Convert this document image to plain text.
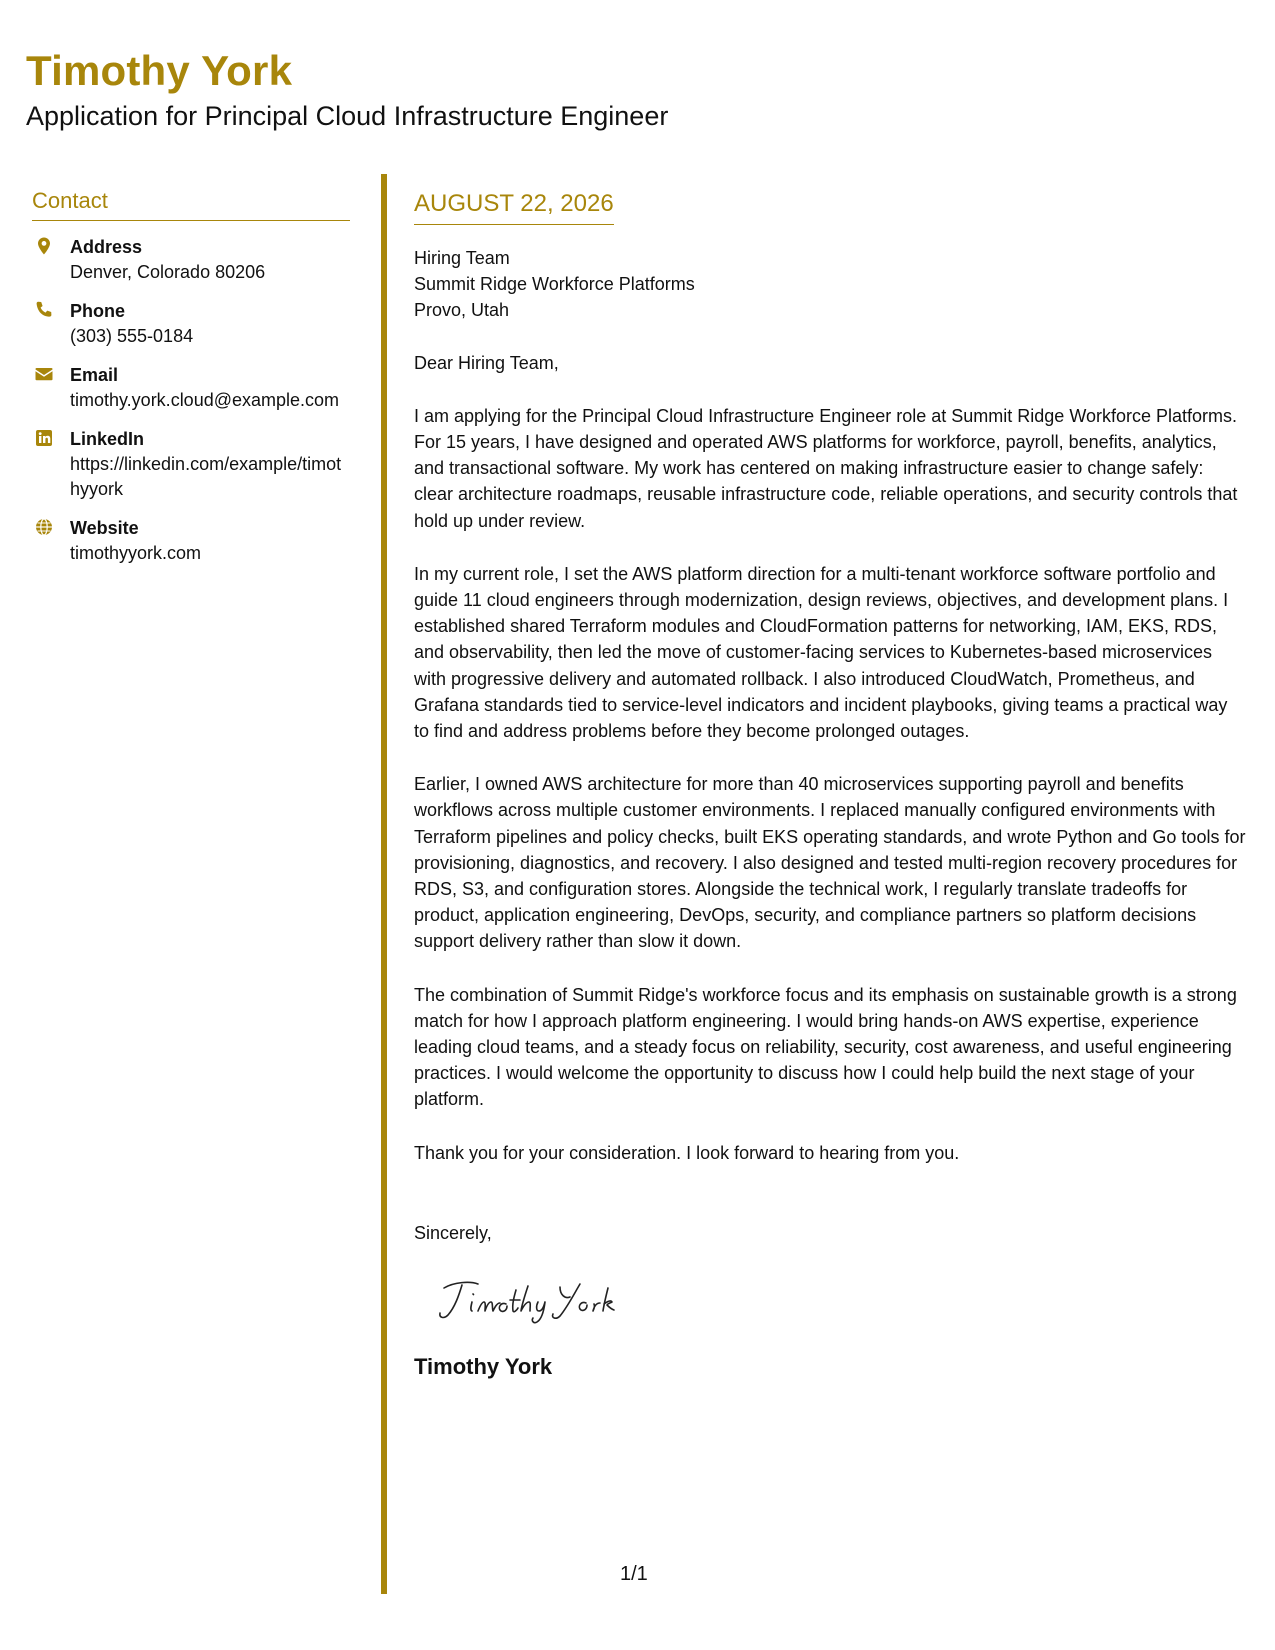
Timothy York
Application for Principal Cloud Infrastructure Engineer
Contact
Address
Denver, Colorado 80206
Phone
(303) 555-0184
Email
timothy.york.cloud@example.com
LinkedIn
https://linkedin.com/example/timothyyork
Website
timothyyork.com
AUGUST 22, 2026
Hiring Team
Summit Ridge Workforce Platforms
Provo, Utah
Dear Hiring Team,
I am applying for the Principal Cloud Infrastructure Engineer role at Summit Ridge Workforce Platforms. For 15 years, I have designed and operated AWS platforms for workforce, payroll, benefits, analytics, and transactional software. My work has centered on making infrastructure easier to change safely: clear architecture roadmaps, reusable infrastructure code, reliable operations, and security controls that hold up under review.
In my current role, I set the AWS platform direction for a multi-tenant workforce software portfolio and guide 11 cloud engineers through modernization, design reviews, objectives, and development plans. I established shared Terraform modules and CloudFormation patterns for networking, IAM, EKS, RDS, and observability, then led the move of customer-facing services to Kubernetes-based microservices with progressive delivery and automated rollback. I also introduced CloudWatch, Prometheus, and Grafana standards tied to service-level indicators and incident playbooks, giving teams a practical way to find and address problems before they become prolonged outages.
Earlier, I owned AWS architecture for more than 40 microservices supporting payroll and benefits workflows across multiple customer environments. I replaced manually configured environments with Terraform pipelines and policy checks, built EKS operating standards, and wrote Python and Go tools for provisioning, diagnostics, and recovery. I also designed and tested multi-region recovery procedures for RDS, S3, and configuration stores. Alongside the technical work, I regularly translate tradeoffs for product, application engineering, DevOps, security, and compliance partners so platform decisions support delivery rather than slow it down.
The combination of Summit Ridge's workforce focus and its emphasis on sustainable growth is a strong match for how I approach platform engineering. I would bring hands-on AWS expertise, experience leading cloud teams, and a steady focus on reliability, security, cost awareness, and useful engineering practices. I would welcome the opportunity to discuss how I could help build the next stage of your platform.
Thank you for your consideration. I look forward to hearing from you.
Sincerely,
Timothy York
1/1
